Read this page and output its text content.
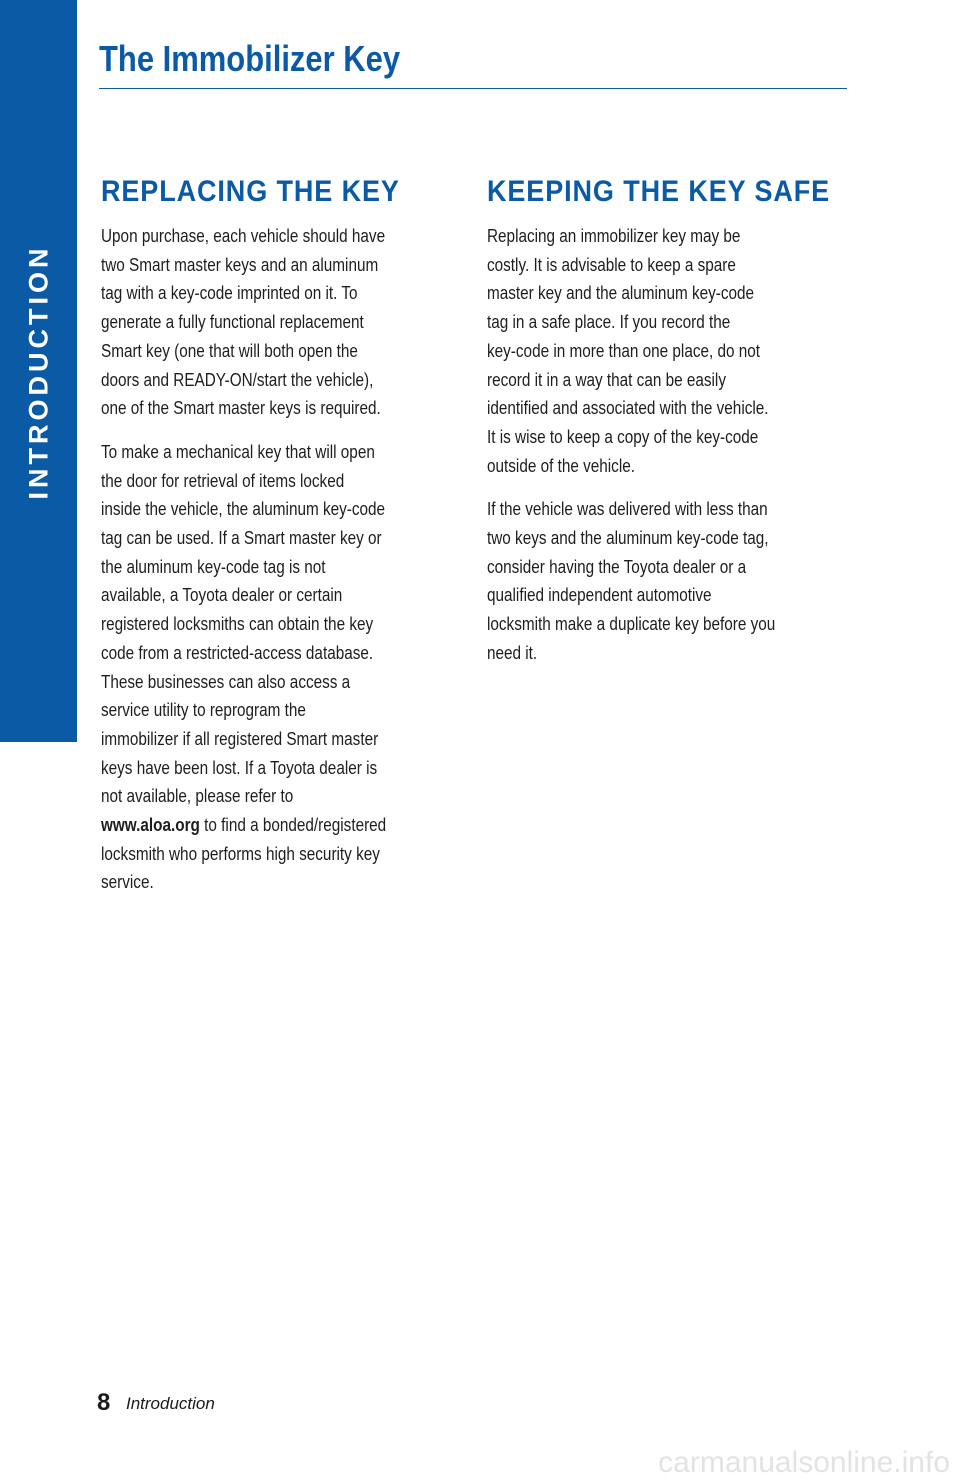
INTRODUCTION
The Immobilizer Key
REPLACING THE KEY

Upon purchase, each vehicle should have
two Smart master keys and an aluminum
tag with a key-code imprinted on it. To
generate a fully functional replacement
Smart key (one that will both open the
doors and READY-ON/start the vehicle),
one of the Smart master keys is required.

To make a mechanical key that will open
the door for retrieval of items locked
inside the vehicle, the aluminum key-code
tag can be used. If a Smart master key or
the aluminum key-code tag is not
available, a Toyota dealer or certain
registered locksmiths can obtain the key
code from a restricted-access database.
These businesses can also access a
service utility to reprogram the
immobilizer if all registered Smart master
keys have been lost. If a Toyota dealer is
not available, please refer to
www.aloa.org to find a bonded/registered
locksmith who performs high security key
service.

KEEPING THE KEY SAFE

Replacing an immobilizer key may be
costly. It is advisable to keep a spare
master key and the aluminum key-code
tag in a safe place. If you record the
key-code in more than one place, do not
record it in a way that can be easily
identified and associated with the vehicle.
It is wise to keep a copy of the key-code
outside of the vehicle.

If the vehicle was delivered with less than
two keys and the aluminum key-code tag,
consider having the Toyota dealer or a
qualified independent automotive
locksmith make a duplicate key before you
need it.

8 Introduction
carmanualsonline.info
